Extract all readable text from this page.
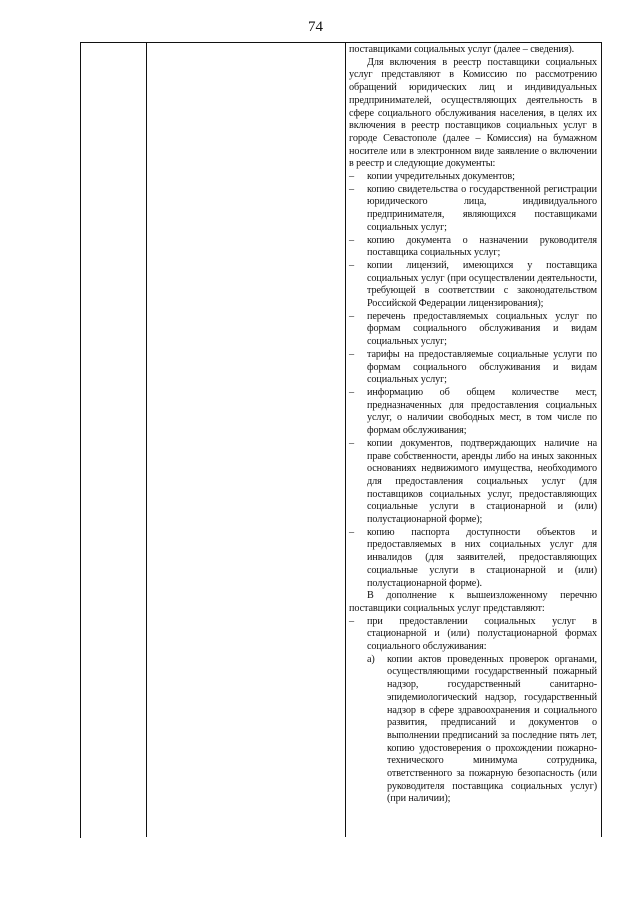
74

поставщиками социальных услуг (далее – сведения).

Для включения в реестр поставщики социальных услуг представляют в Комиссию по рассмотрению обращений юридических лиц и индивидуальных предпринимателей, осуществляющих деятельность в сфере социального обслуживания населения, в целях их включения в реестр поставщиков социальных услуг в городе Севастополе (далее – Комиссия) на бумажном носителе или в электронном виде заявление о включении в реестр и следующие документы:

– копии учредительных документов;
– копию свидетельства о государственной регистрации юридического лица, индивидуального предпринимателя, являющихся поставщиками социальных услуг;
– копию документа о назначении руководителя поставщика социальных услуг;
– копии лицензий, имеющихся у поставщика социальных услуг (при осуществлении деятельности, требующей в соответствии с законодательством Российской Федерации лицензирования);
– перечень предоставляемых социальных услуг по формам социального обслуживания и видам социальных услуг;
– тарифы на предоставляемые социальные услуги по формам социального обслуживания и видам социальных услуг;
– информацию об общем количестве мест, предназначенных для предоставления социальных услуг, о наличии свободных мест, в том числе по формам обслуживания;
– копии документов, подтверждающих наличие на праве собственности, аренды либо на иных законных основаниях недвижимого имущества, необходимого для предоставления социальных услуг (для поставщиков социальных услуг, предоставляющих социальные услуги в стационарной и (или) полустационарной форме);
– копию паспорта доступности объектов и предоставляемых в них социальных услуг для инвалидов (для заявителей, предоставляющих социальные услуги в стационарной и (или) полустационарной форме).

В дополнение к вышеизложенному перечню поставщики социальных услуг представляют:

– при предоставлении социальных услуг в стационарной и (или) полустационарной формах социального обслуживания:
а) копии актов проведенных проверок органами, осуществляющими государственный пожарный надзор, государственный санитарно-эпидемиологический надзор, государственный надзор в сфере здравоохранения и социального развития, предписаний и документов о выполнении предписаний за последние пять лет, копию удостоверения о прохождении пожарно-технического минимума сотрудника, ответственного за пожарную безопасность (или руководителя поставщика социальных услуг) (при наличии);
